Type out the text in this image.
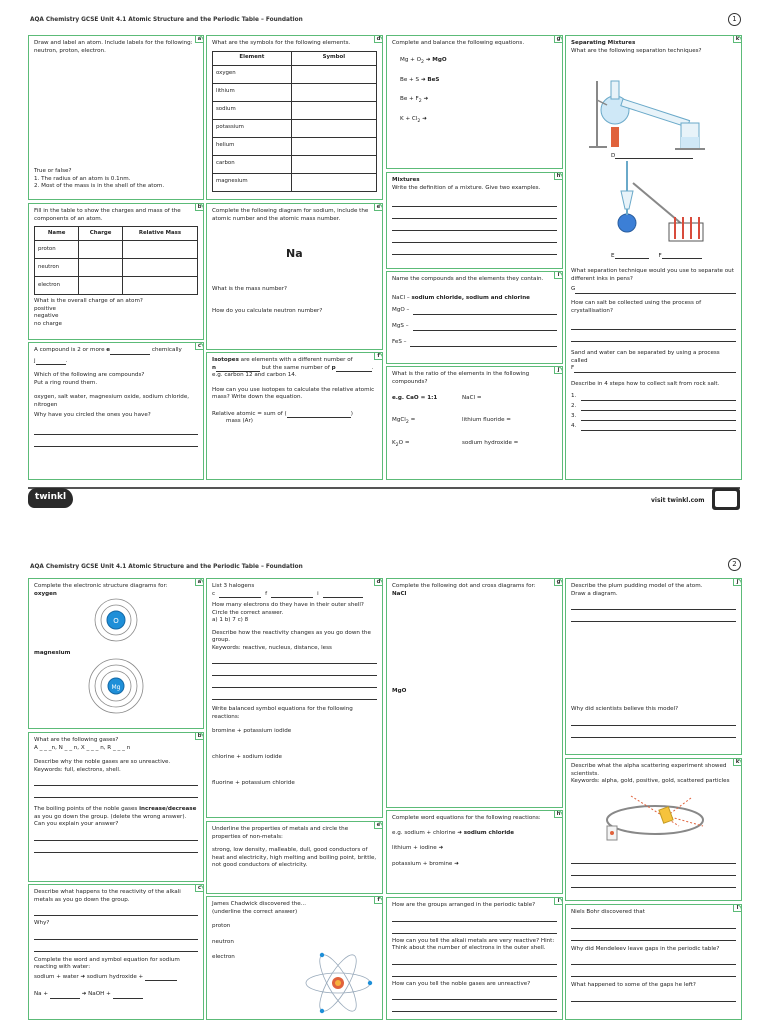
AQA Chemistry GCSE Unit 4.1 Atomic Structure and the Periodic Table – Foundation	1
a
Draw and label an atom. Include labels for the following: neutron, proton, electron.
True or false?
1. The radius of an atom is 0.1nm.
2. Most of the mass is in the shell of the atom.
b
Fill in the table to show the charges and mass of the components of an atom.
Name	Charge	Relative Mass
proton		
neutron		
electron		
What is the overall charge of an atom?
positive
negative
no charge
c
A compound is 2 or more e	chemically
j	.
Which of the following are compounds?
Put a ring round them.
oxygen, salt water, magnesium oxide, sodium chloride, nitrogen
Why have you circled the ones you have?
d
What are the symbols for the following elements.
Element	Symbol
oxygen	
lithium	
sodium	
potassium	
helium	
carbon	
magnesium	
e
Complete the following diagram for sodium, include the atomic number and the atomic mass number.
Na
What is the mass number?
How do you calculate neutron number?
f
Isotopes are elements with a different number of
n	but the same number of p	.
e.g. carbon 12 and carbon 14.
How can you use isotopes to calculate the relative atomic mass? Write down the equation.
Relative atomic = sum of (	)
mass (Ar)
g
Complete and balance the following equations.
$Mg + O_2$ ➜ MgO
Be + S ➜ BeS
$Be + F_2$ ➜
$K + Cl_2$ ➜
h
Mixtures
Write the definition of a mixture. Give two examples.
i
Name the compounds and the elements they contain.
NaCl – sodium chloride, sodium and chlorine
MgO –
MgS –
FeS –
j
What is the ratio of the elements in the following compounds?
e.g. CaO = 1:1	NaCl =
MgCl$_2$ =	lithium fluoride =
$K_2O$ =	sodium hydroxide =
k
Separating Mixtures
What are the following separation techniques?
D
E	F
What separation technique would you use to separate out different inks in pens?
G
How can salt be collected using the process of crystallisation?
Sand and water can be separated by using a process called
F
Describe in 4 steps how to collect salt from rock salt.
1.
2.
3.
4.
twinkl	visit twinkl.com
AQA Chemistry GCSE Unit 4.1 Atomic Structure and the Periodic Table – Foundation	2
a
Complete the electronic structure diagrams for:
oxygen
O
magnesium
Mg
b
What are the following gases?
A _ _ _n, N _ _ n, X _ _ _ n, R _ _ _ n
Describe why the noble gases are so unreactive.
Keywords: full, electrons, shell.
The boiling points of the noble gases increase/decrease as you go down the group. (delete the wrong answer).
Can you explain your answer?
c
Describe what happens to the reactivity of the alkali metals as you go down the group.
Why?
Complete the word and symbol equation for sodium reacting with water:
sodium + water ➜ sodium hydroxide +
Na +	➜ NaOH +
d
List 3 halogens
c	f	i
How many electrons do they have in their outer shell? Circle the correct answer.
a) 1 b) 7 c) 8
Describe how the reactivity changes as you go down the group.
Keywords: reactive, nucleus, distance, less
Write balanced symbol equations for the following reactions:
bromine + potassium iodide
chlorine + sodium iodide
fluorine + potassium chloride
e
Underline the properties of metals and circle the properties of non-metals:
strong, low density, malleable, dull, good conductors of heat and electricity, high melting and boiling point, brittle, not good conductors of electricity.
f
James Chadwick discovered the...
(underline the correct answer)
proton
neutron
electron
g
Complete the following dot and cross diagrams for:
NaCl
MgO
h
Complete word equations for the following reactions:
e.g. sodium + chlorine ➜ sodium chloride
lithium + iodine ➜
potassium + bromine ➜
i
How are the groups arranged in the periodic table?
How can you tell the alkali metals are very reactive? Hint: Think about the number of electrons in the outer shell.
How can you tell the noble gases are unreactive?
j
Describe the plum pudding model of the atom.
Draw a diagram.
Why did scientists believe this model?
k
Describe what the alpha scattering experiment showed scientists.
Keywords: alpha, gold, positive, gold, scattered particles
l
Niels Bohr discovered that
Why did Mendeleev leave gaps in the periodic table?
What happened to some of the gaps he left?
